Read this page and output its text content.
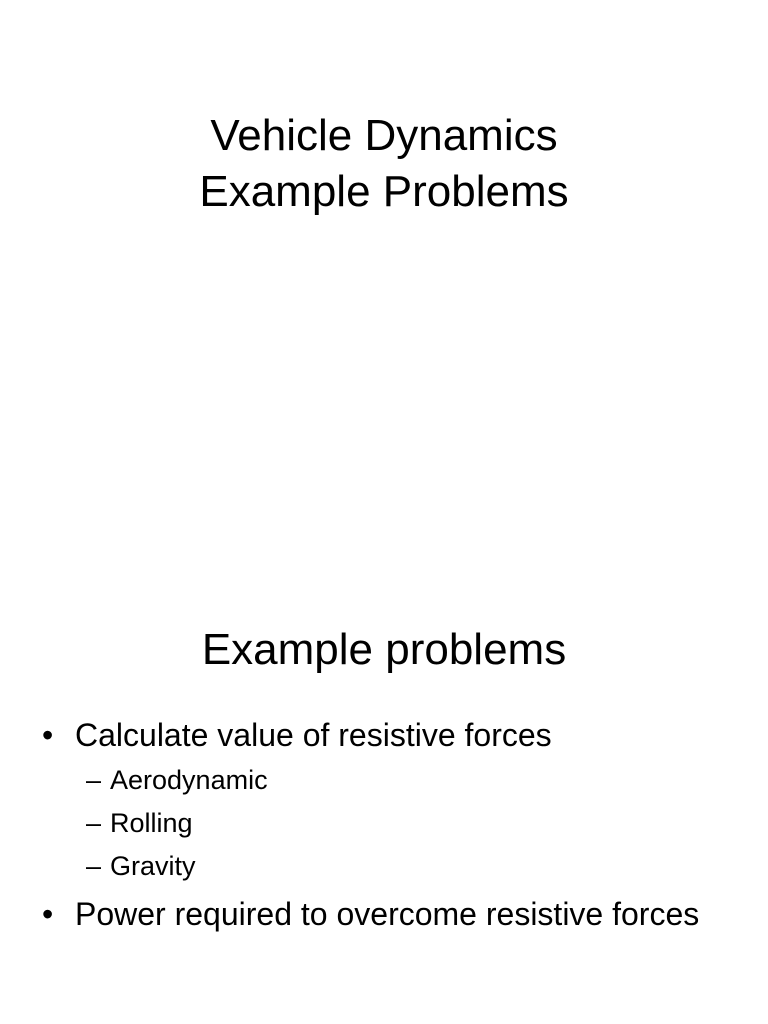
Vehicle Dynamics
Example Problems
Example problems
• Calculate value of resistive forces
– Aerodynamic
– Rolling
– Gravity
• Power required to overcome resistive forces
